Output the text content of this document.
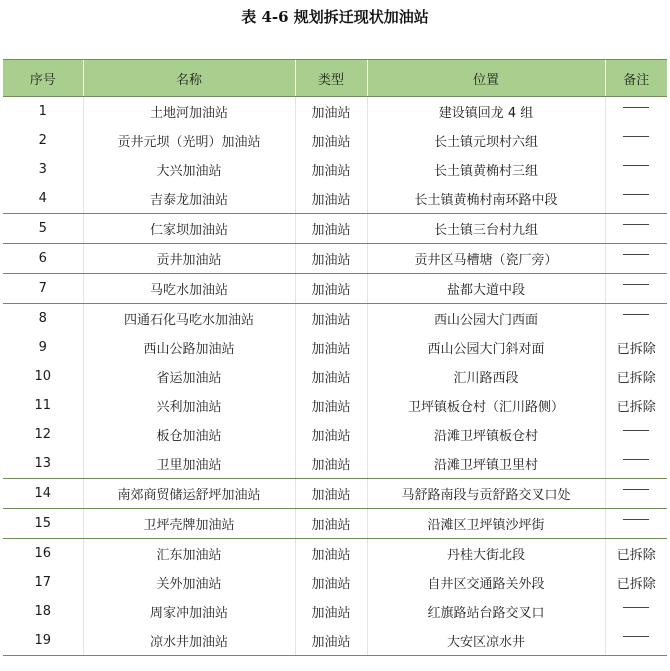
表 4-6 规划拆迁现状加油站
序号	名称	类型	位置	备注
1	土地河加油站	加油站	建设镇回龙 4 组	
2	贡井元坝（光明）加油站	加油站	长土镇元坝村六组	
3	大兴加油站	加油站	长土镇黄桷村三组	
4	吉泰龙加油站	加油站	长土镇黄桷村南环路中段	
5	仁家坝加油站	加油站	长土镇三台村九组	
6	贡井加油站	加油站	贡井区马槽塘（瓷厂旁）	
7	马吃水加油站	加油站	盐都大道中段	
8	四通石化马吃水加油站	加油站	西山公园大门西面	
9	西山公路加油站	加油站	西山公园大门斜对面	已拆除
10	省运加油站	加油站	汇川路西段	已拆除
11	兴利加油站	加油站	卫坪镇板仓村（汇川路侧）	已拆除
12	板仓加油站	加油站	沿滩卫坪镇板仓村	
13	卫里加油站	加油站	沿滩卫坪镇卫里村	
14	南郊商贸储运舒坪加油站	加油站	马舒路南段与贡舒路交叉口处	
15	卫坪壳牌加油站	加油站	沿滩区卫坪镇沙坪街	
16	汇东加油站	加油站	丹桂大街北段	已拆除
17	关外加油站	加油站	自井区交通路关外段	已拆除
18	周家冲加油站	加油站	红旗路站台路交叉口	
19	凉水井加油站	加油站	大安区凉水井	
